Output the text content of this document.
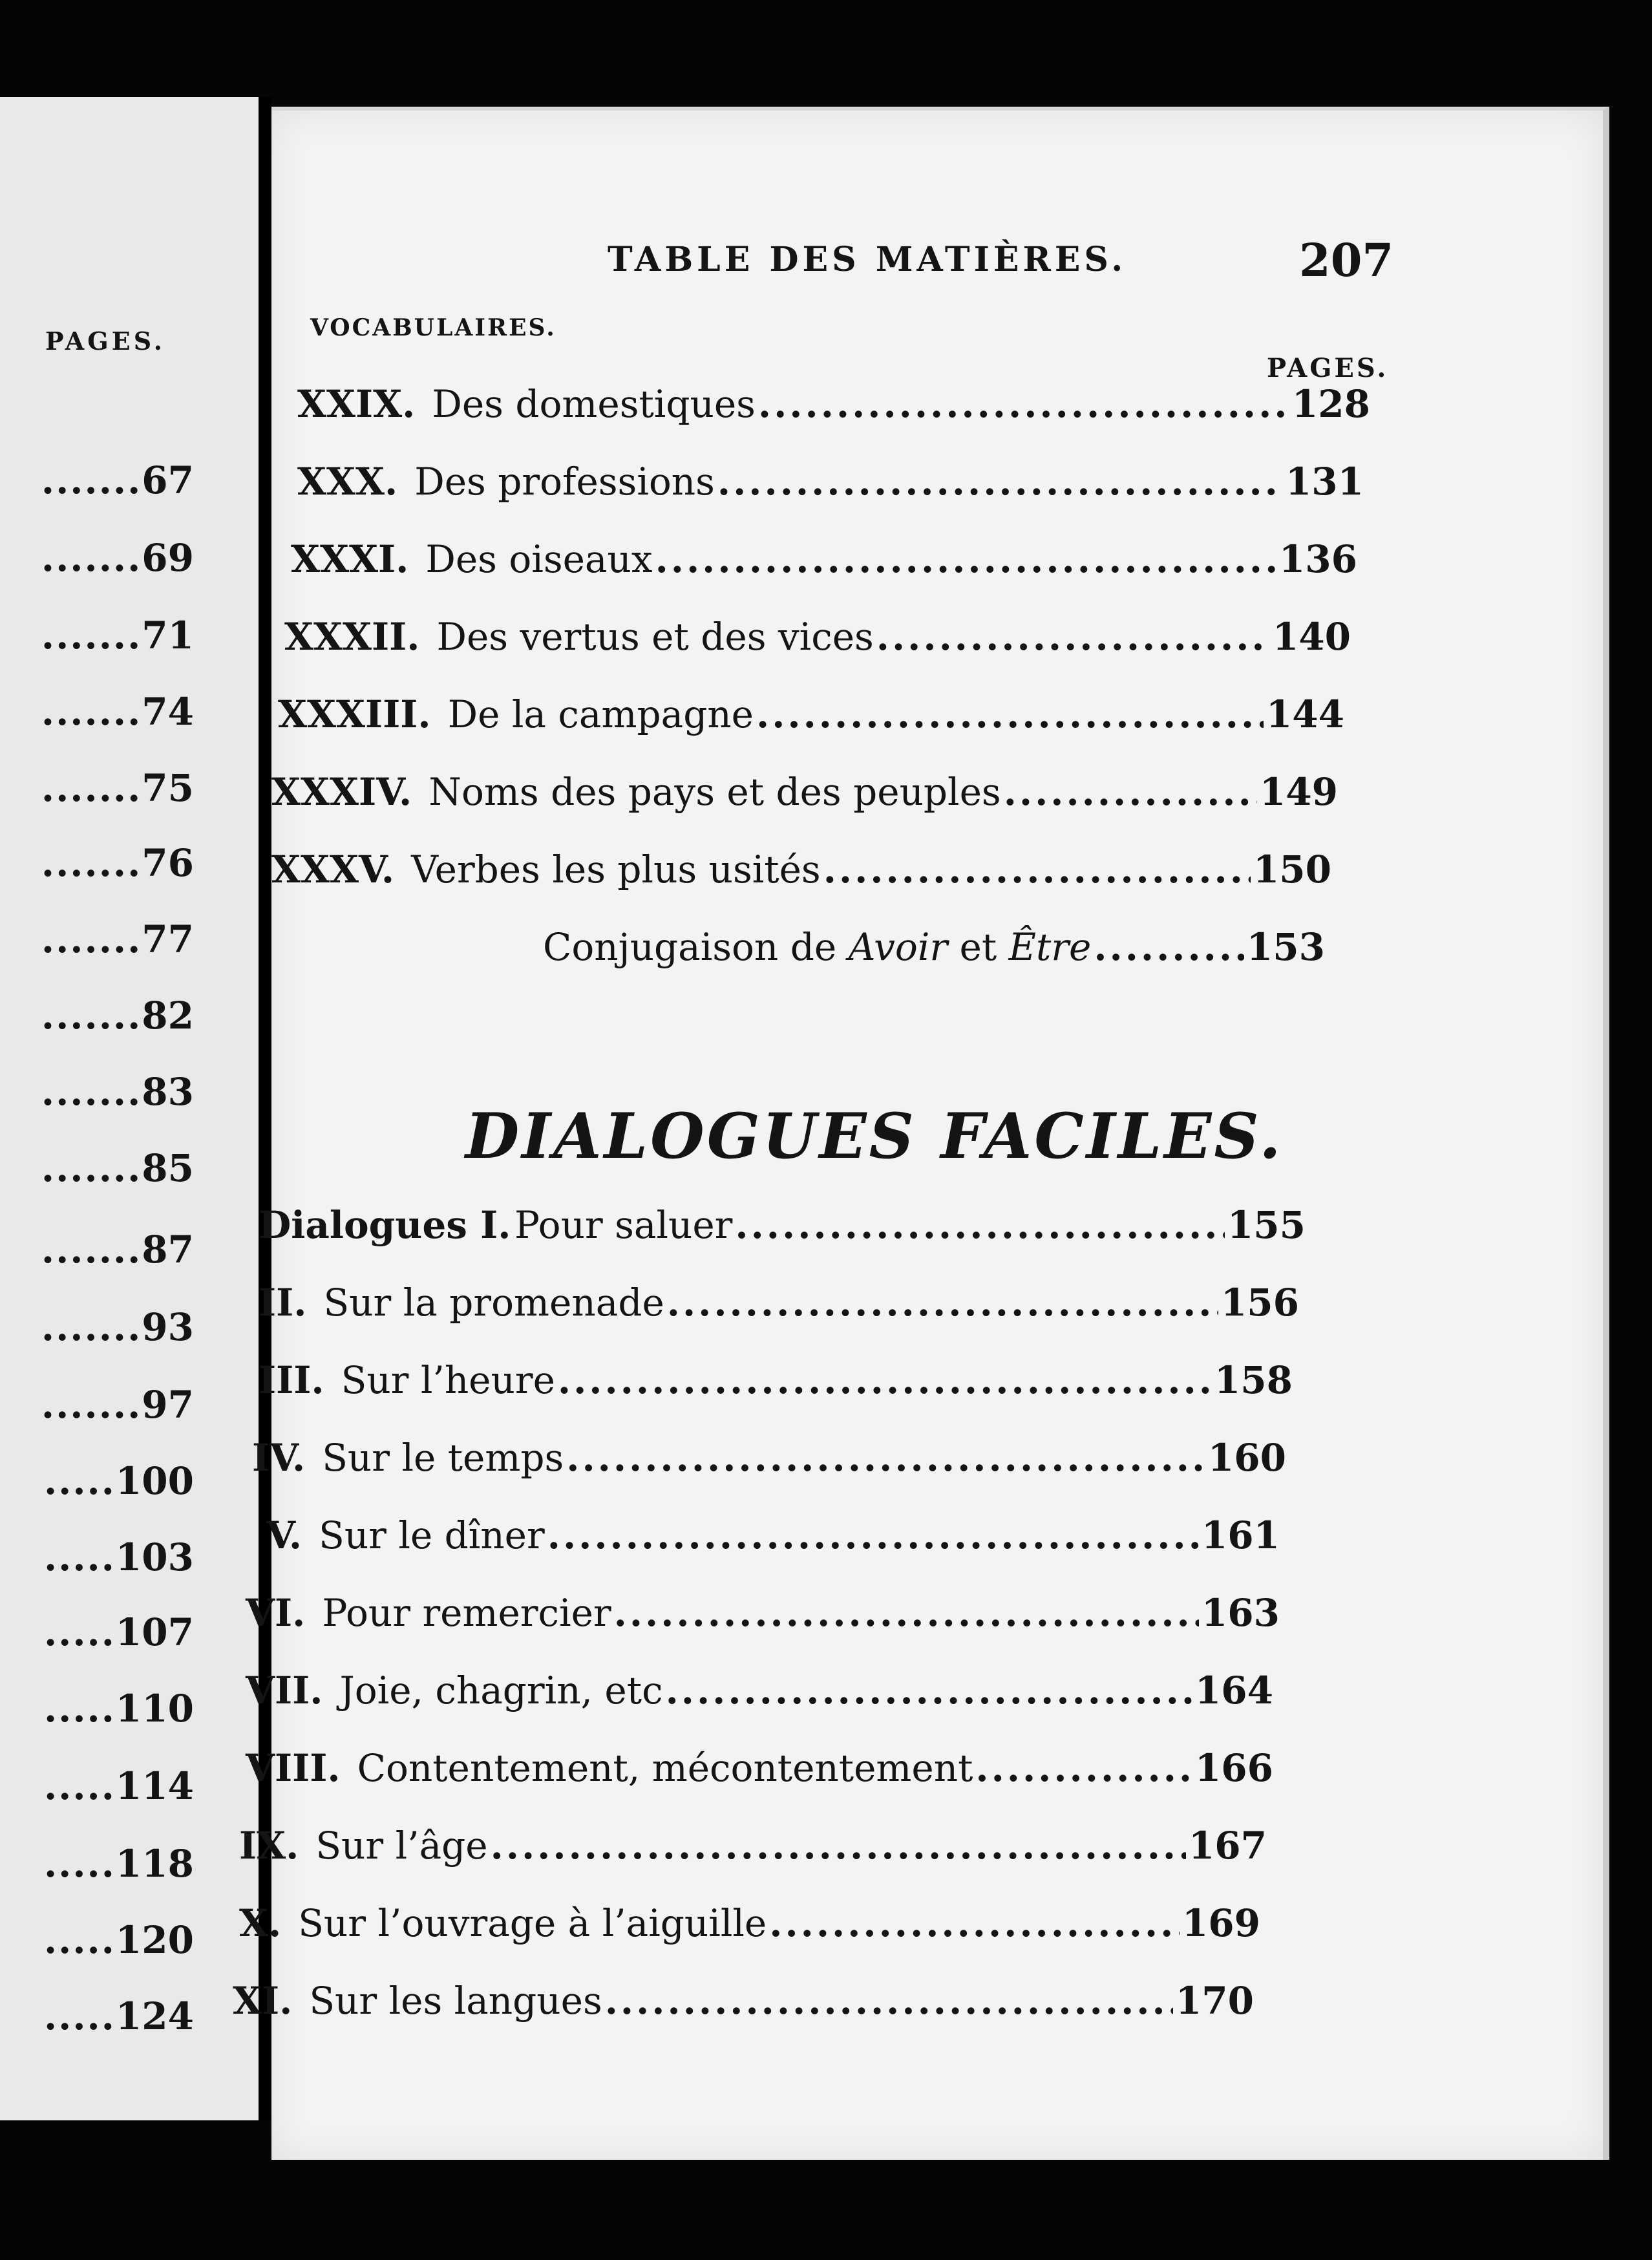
PAGES.
.......67
.......69
.......71
.......74
.......75
.......76
.......77
.......82
.......83
.......85
.......87
.......93
.......97
.....100
.....103
.....107
.....110
.....114
.....118
.....120
.....124
TABLE DES MATIÈRES.	207
VOCABULAIRES.
PAGES.
XXIX. Des domestiques .....	128
XXX. Des professions .....	131
XXXI. Des oiseaux .....	136
XXXII. Des vertus et des vices .....	140
XXXIII. De la campagne .....	144
XXXIV. Noms des pays et des peuples .....	149
XXXV. Verbes les plus usités .....	150
Conjugaison de Avoir et Être .....	153
DIALOGUES FACILES.
Dialogues I. Pour saluer .....	155
II. Sur la promenade .....	156
III. Sur l’heure .....	158
IV. Sur le temps .....	160
V. Sur le dîner .....	161
VI. Pour remercier .....	163
VII. Joie, chagrin, etc .....	164
VIII. Contentement, mécontentement .....	166
IX. Sur l’âge .....	167
X. Sur l’ouvrage à l’aiguille .....	169
XI. Sur les langues .....	170
